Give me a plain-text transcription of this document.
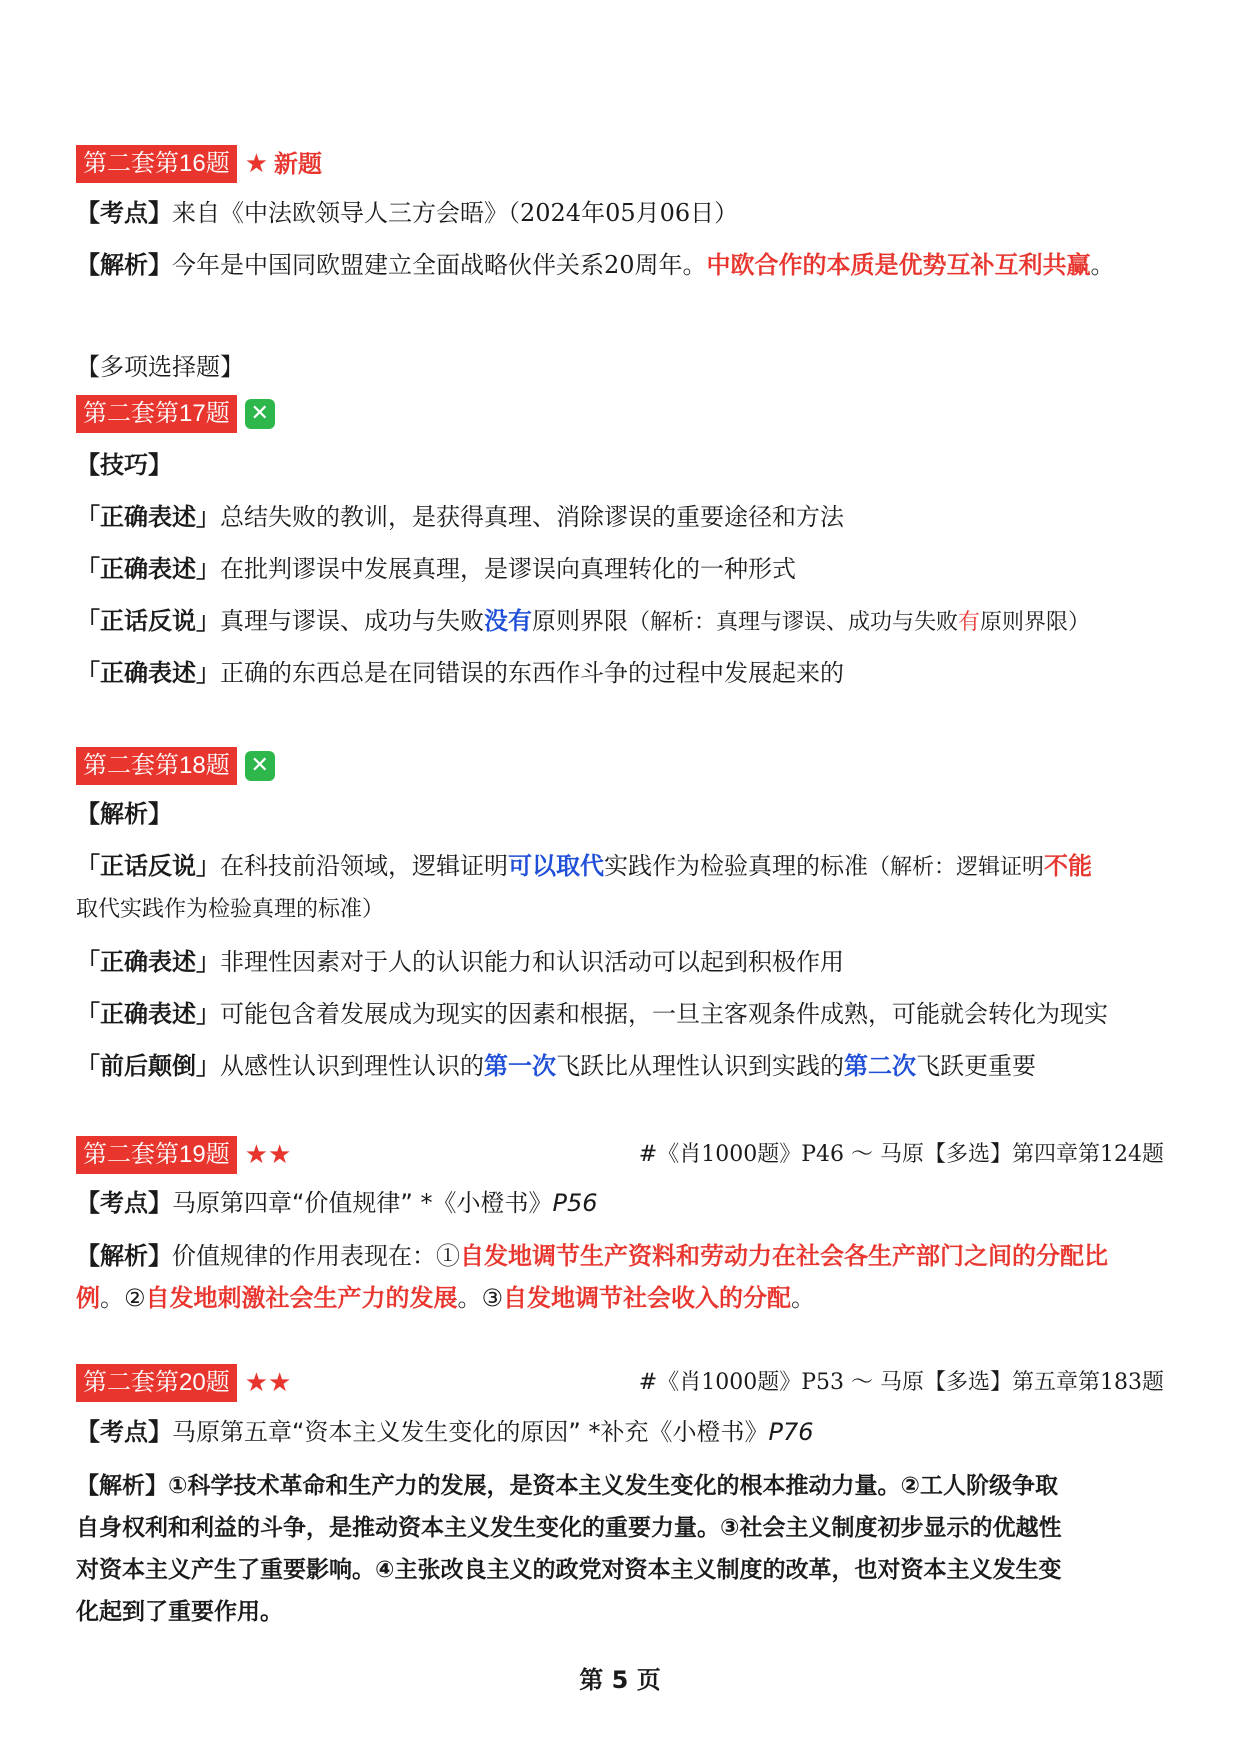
第二套第16题 ★ 新题
【考点】来自《中法欧领导人三方会晤》（2024年05月06日）
【解析】今年是中国同欧盟建立全面战略伙伴关系20周年。中欧合作的本质是优势互补互利共赢。
【多项选择题】
第二套第17题 ✕
【技巧】
「正确表述」总结失败的教训，是获得真理、消除谬误的重要途径和方法
「正确表述」在批判谬误中发展真理，是谬误向真理转化的一种形式
「正话反说」真理与谬误、成功与失败没有原则界限（解析：真理与谬误、成功与失败有原则界限）
「正确表述」正确的东西总是在同错误的东西作斗争的过程中发展起来的
第二套第18题 ✕
【解析】
「正话反说」在科技前沿领域，逻辑证明可以取代实践作为检验真理的标准（解析：逻辑证明不能
取代实践作为检验真理的标准）
「正确表述」非理性因素对于人的认识能力和认识活动可以起到积极作用
「正确表述」可能包含着发展成为现实的因素和根据，一旦主客观条件成熟，可能就会转化为现实
「前后颠倒」从感性认识到理性认识的第一次飞跃比从理性认识到实践的第二次飞跃更重要
第二套第19题 ★★	#《肖1000题》P46 ～ 马原【多选】第四章第124题
【考点】马原第四章“价值规律” *《小橙书》P56
【解析】价值规律的作用表现在：①自发地调节生产资料和劳动力在社会各生产部门之间的分配比
例。②自发地刺激社会生产力的发展。③自发地调节社会收入的分配。
第二套第20题 ★★	#《肖1000题》P53 ～ 马原【多选】第五章第183题
【考点】马原第五章“资本主义发生变化的原因” *补充《小橙书》P76
【解析】①科学技术革命和生产力的发展，是资本主义发生变化的根本推动力量。②工人阶级争取
自身权利和利益的斗争，是推动资本主义发生变化的重要力量。③社会主义制度初步显示的优越性
对资本主义产生了重要影响。④主张改良主义的政党对资本主义制度的改革，也对资本主义发生变
化起到了重要作用。
第 5 页
